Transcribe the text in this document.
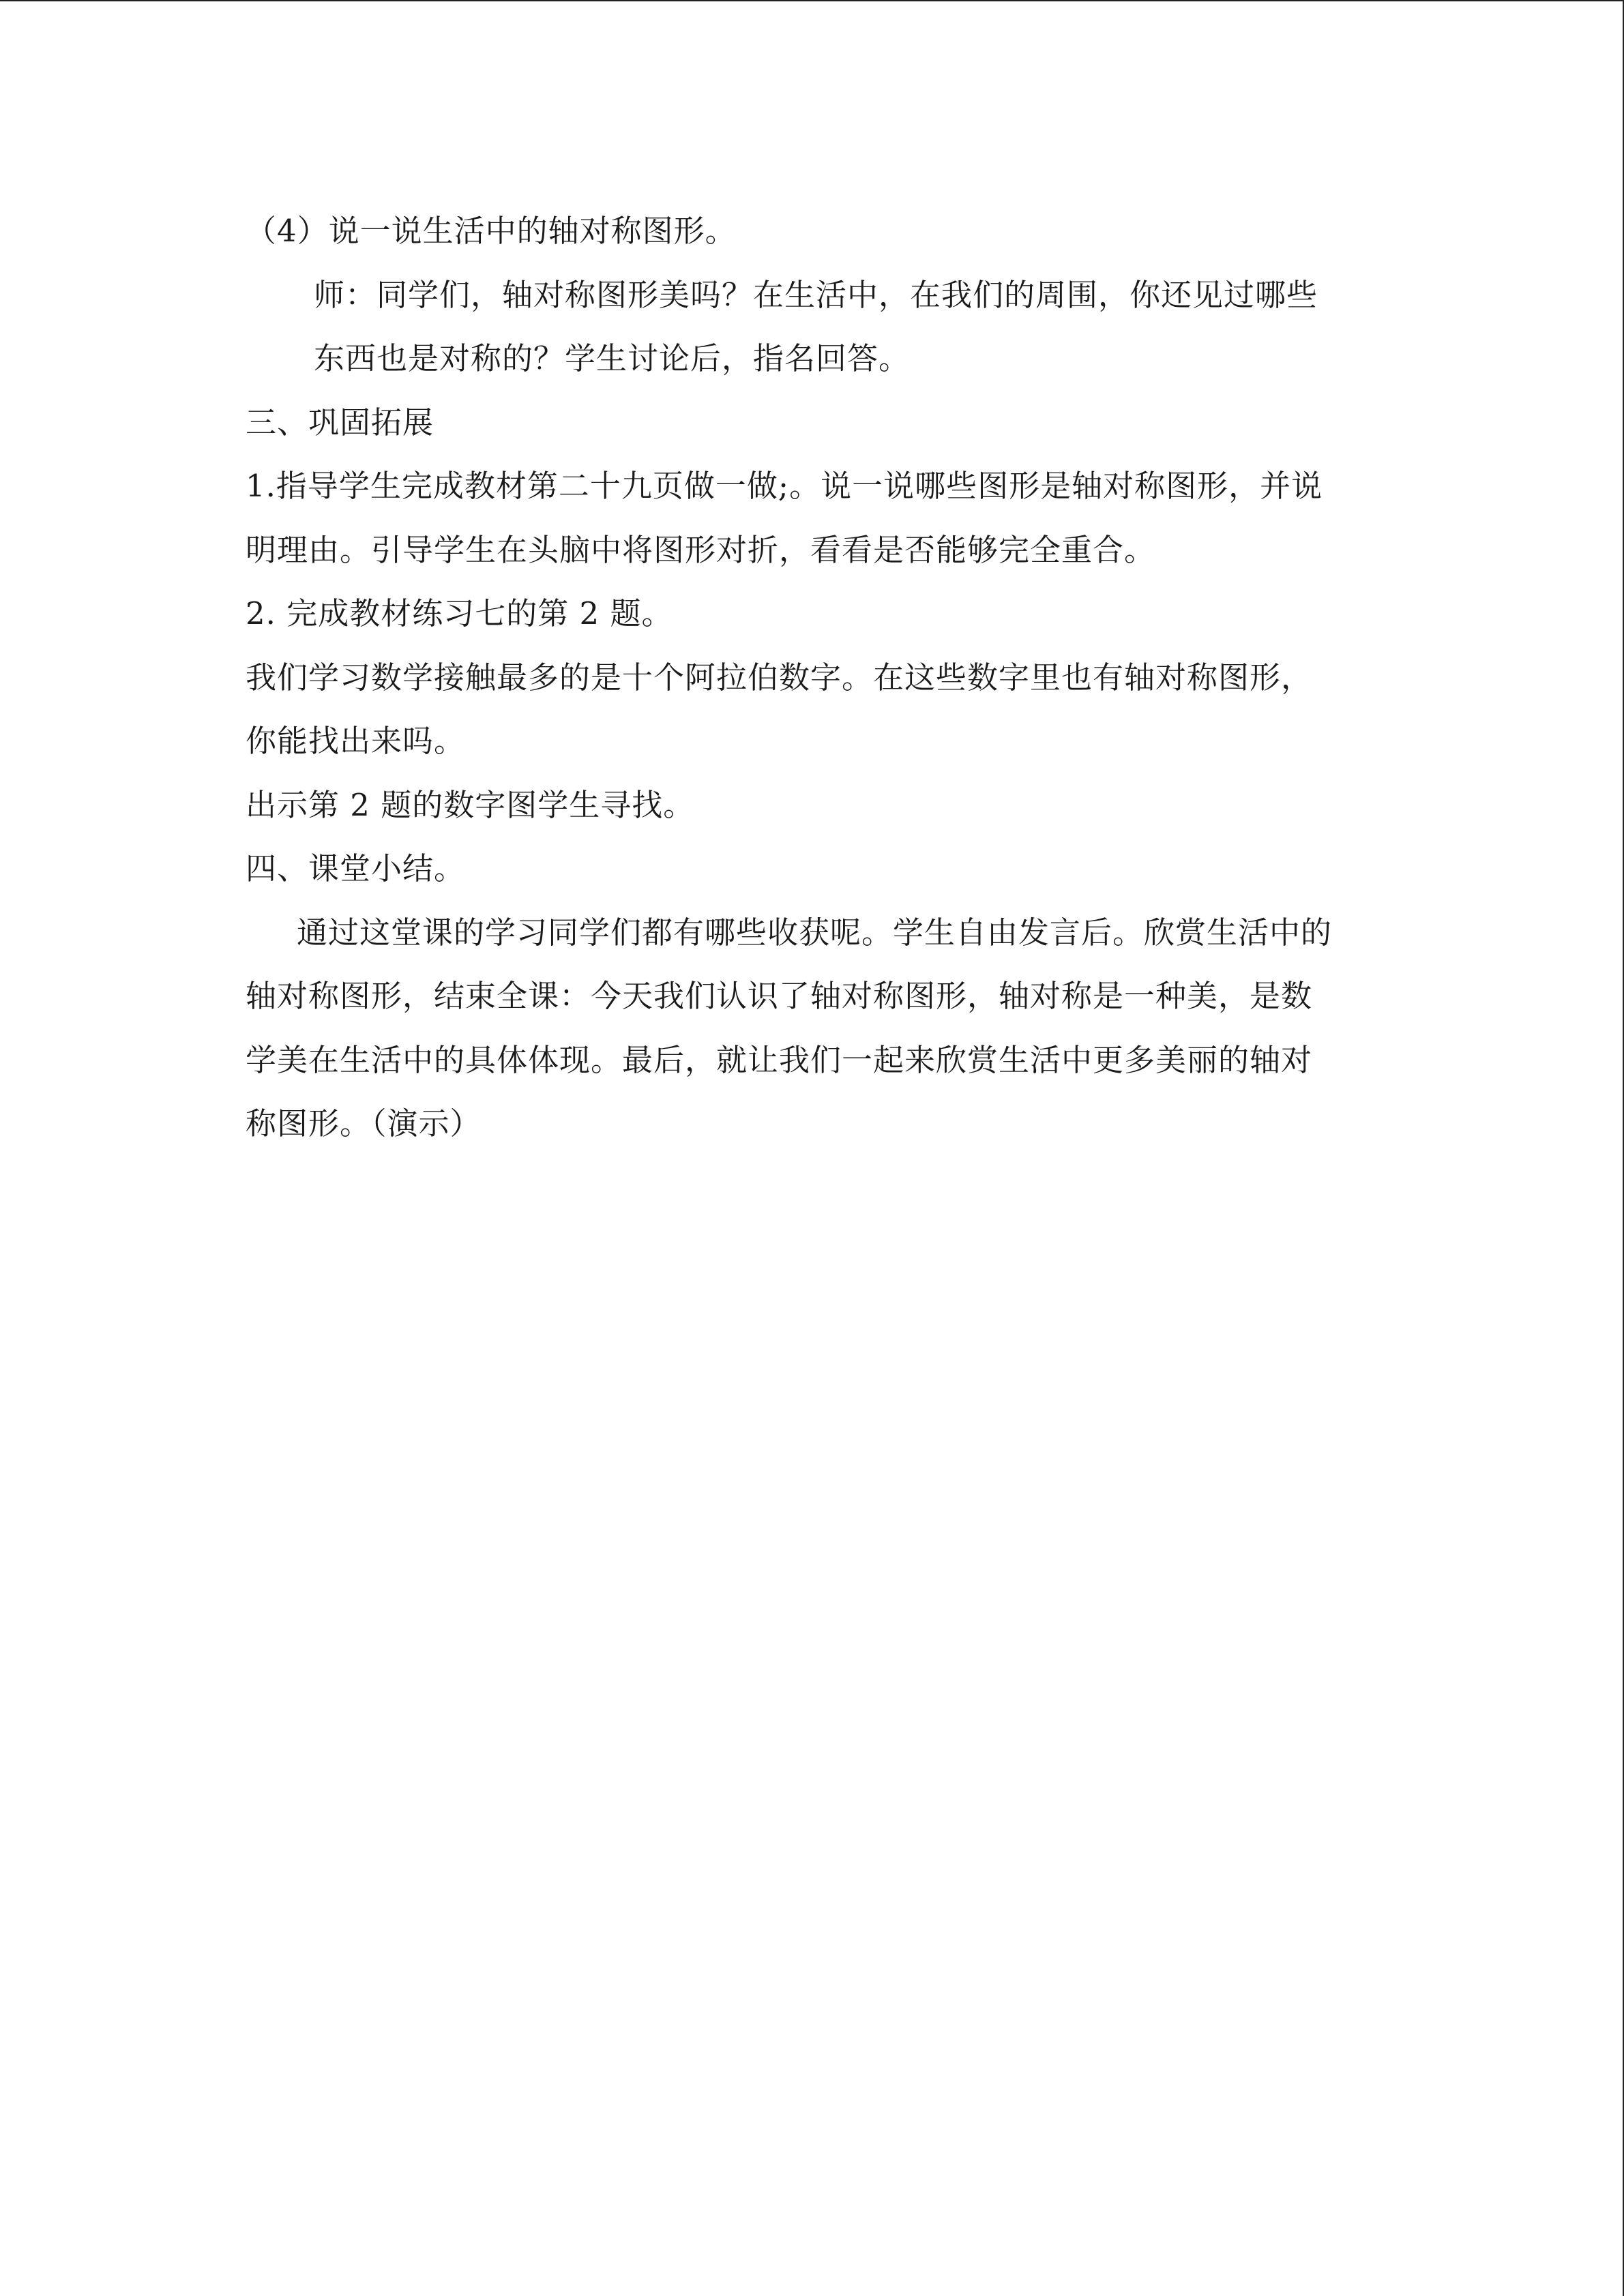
（4）说一说生活中的轴对称图形。
师：同学们，轴对称图形美吗？在生活中，在我们的周围，你还见过哪些
东西也是对称的？学生讨论后，指名回答。
三、巩固拓展
1.指导学生完成教材第二十九页做一做;。说一说哪些图形是轴对称图形，并说
明理由。引导学生在头脑中将图形对折，看看是否能够完全重合。
2. 完成教材练习七的第 2 题。
我们学习数学接触最多的是十个阿拉伯数字。在这些数字里也有轴对称图形，
你能找出来吗。
出示第 2 题的数字图学生寻找。
四、课堂小结。
通过这堂课的学习同学们都有哪些收获呢。学生自由发言后。欣赏生活中的
轴对称图形，结束全课：今天我们认识了轴对称图形，轴对称是一种美，是数
学美在生活中的具体体现。最后，就让我们一起来欣赏生活中更多美丽的轴对
称图形。（演示）
